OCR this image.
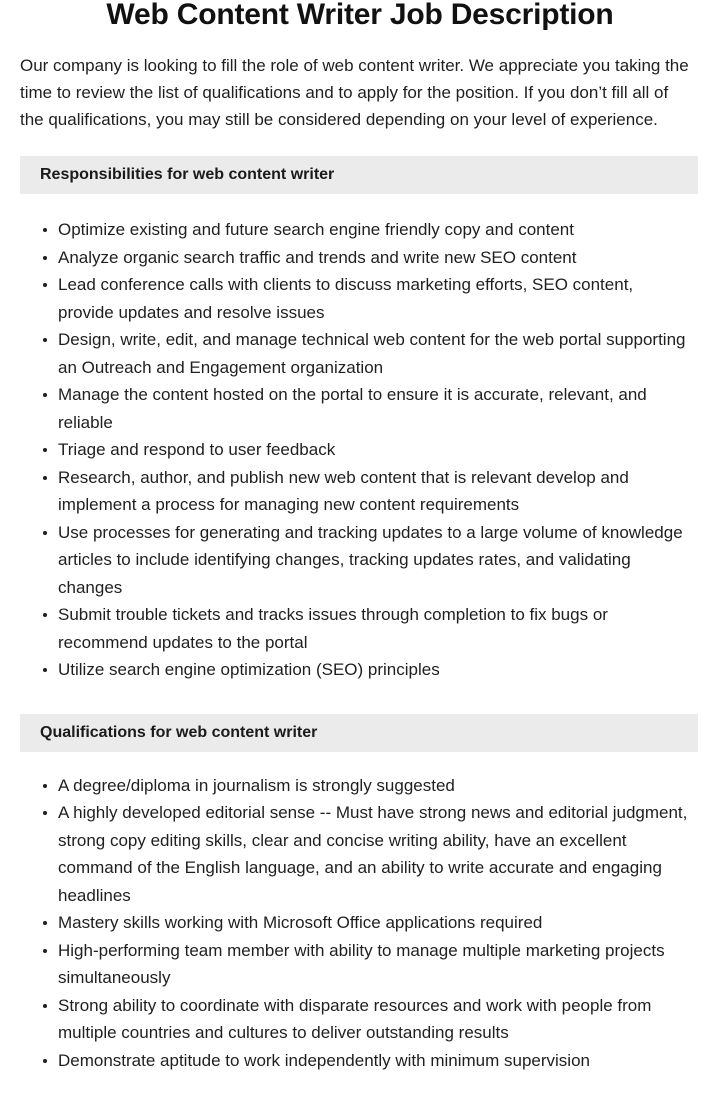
Web Content Writer Job Description

Our company is looking to fill the role of web content writer. We appreciate you taking the time to review the list of qualifications and to apply for the position. If you don’t fill all of the qualifications, you may still be considered depending on your level of experience.

Responsibilities for web content writer
Optimize existing and future search engine friendly copy and content
Analyze organic search traffic and trends and write new SEO content
Lead conference calls with clients to discuss marketing efforts, SEO content, provide updates and resolve issues
Design, write, edit, and manage technical web content for the web portal supporting an Outreach and Engagement organization
Manage the content hosted on the portal to ensure it is accurate, relevant, and reliable
Triage and respond to user feedback
Research, author, and publish new web content that is relevant develop and implement a process for managing new content requirements
Use processes for generating and tracking updates to a large volume of knowledge articles to include identifying changes, tracking updates rates, and validating changes
Submit trouble tickets and tracks issues through completion to fix bugs or recommend updates to the portal
Utilize search engine optimization (SEO) principles
Qualifications for web content writer
A degree/diploma in journalism is strongly suggested
A highly developed editorial sense -- Must have strong news and editorial judgment, strong copy editing skills, clear and concise writing ability, have an excellent command of the English language, and an ability to write accurate and engaging headlines
Mastery skills working with Microsoft Office applications required
High-performing team member with ability to manage multiple marketing projects simultaneously
Strong ability to coordinate with disparate resources and work with people from multiple countries and cultures to deliver outstanding results
Demonstrate aptitude to work independently with minimum supervision
